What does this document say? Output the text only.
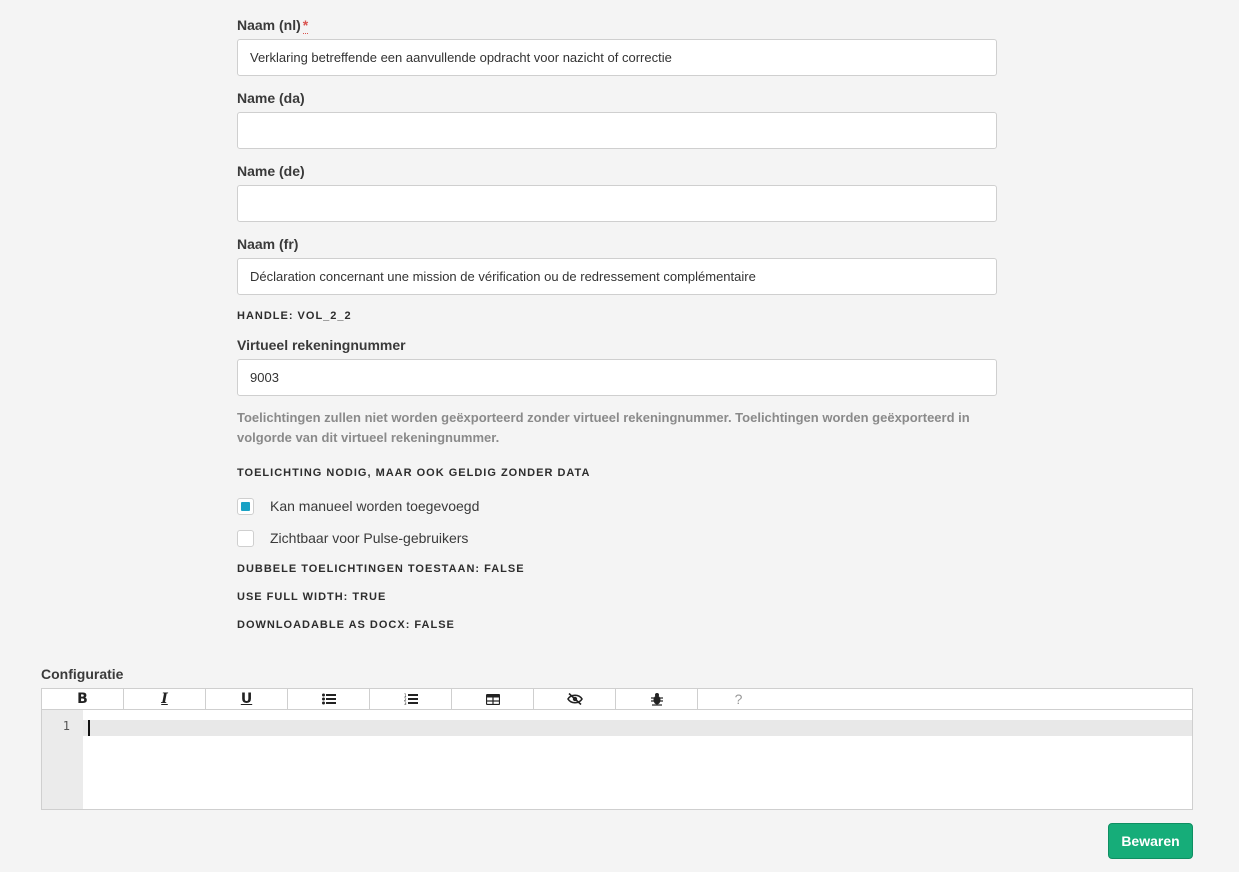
Naam (nl) *
Verklaring betreffende een aanvullende opdracht voor nazicht of correctie
Name (da)
Name (de)
Naam (fr)
Déclaration concernant une mission de vérification ou de redressement complémentaire
HANDLE: VOL_2_2
Virtueel rekeningnummer
9003
Toelichtingen zullen niet worden geëxporteerd zonder virtueel rekeningnummer. Toelichtingen worden geëxporteerd in volgorde van dit virtueel rekeningnummer.
TOELICHTING NODIG, MAAR OOK GELDIG ZONDER DATA
Kan manueel worden toegevoegd
Zichtbaar voor Pulse-gebruikers
DUBBELE TOELICHTINGEN TOESTAAN: FALSE
USE FULL WIDTH: TRUE
DOWNLOADABLE AS DOCX: FALSE
Configuratie
B	I	U	1
2
3	?
1
Bewaren
